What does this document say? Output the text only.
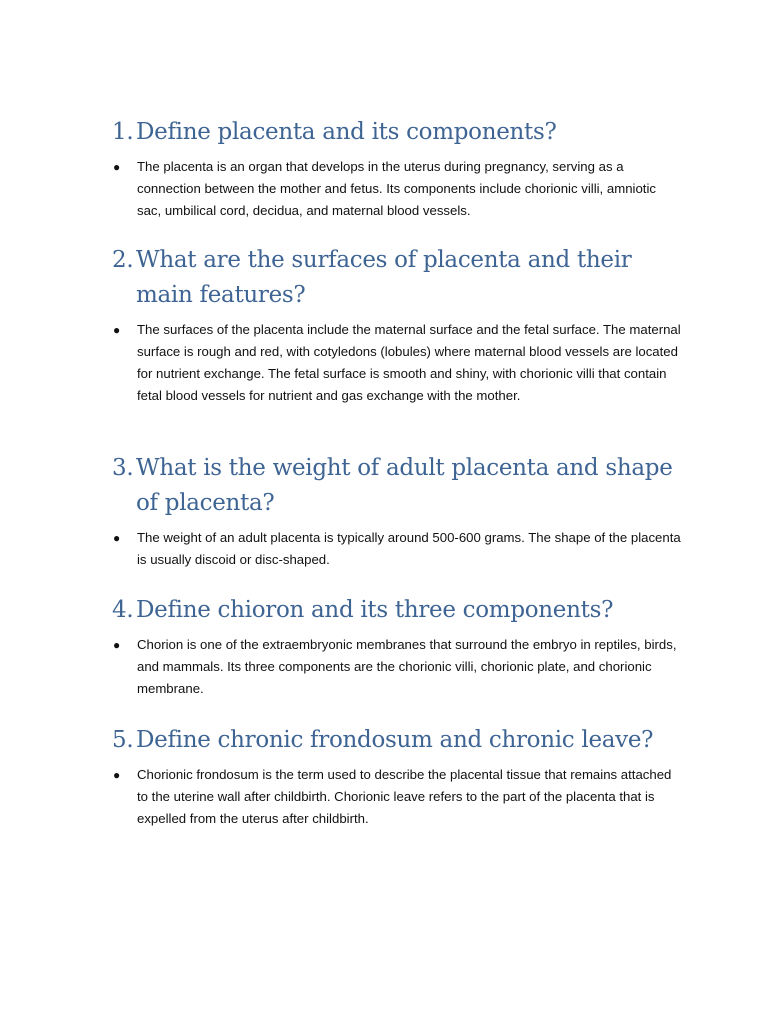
1. Define placenta and its components?
●	The placenta is an organ that develops in the uterus during pregnancy, serving as a connection between the mother and fetus. Its components include chorionic villi, amniotic sac, umbilical cord, decidua, and maternal blood vessels.
2. What are the surfaces of placenta and their main features?
●	The surfaces of the placenta include the maternal surface and the fetal surface. The maternal surface is rough and red, with cotyledons (lobules) where maternal blood vessels are located for nutrient exchange. The fetal surface is smooth and shiny, with chorionic villi that contain fetal blood vessels for nutrient and gas exchange with the mother.
3. What is the weight of adult placenta and shape of placenta?
●	The weight of an adult placenta is typically around 500-600 grams. The shape of the placenta is usually discoid or disc-shaped.
4. Define chioron and its three components?
●	Chorion is one of the extraembryonic membranes that surround the embryo in reptiles, birds, and mammals. Its three components are the chorionic villi, chorionic plate, and chorionic membrane.
5. Define chronic frondosum and chronic leave?
●	Chorionic frondosum is the term used to describe the placental tissue that remains attached to the uterine wall after childbirth. Chorionic leave refers to the part of the placenta that is expelled from the uterus after childbirth.
